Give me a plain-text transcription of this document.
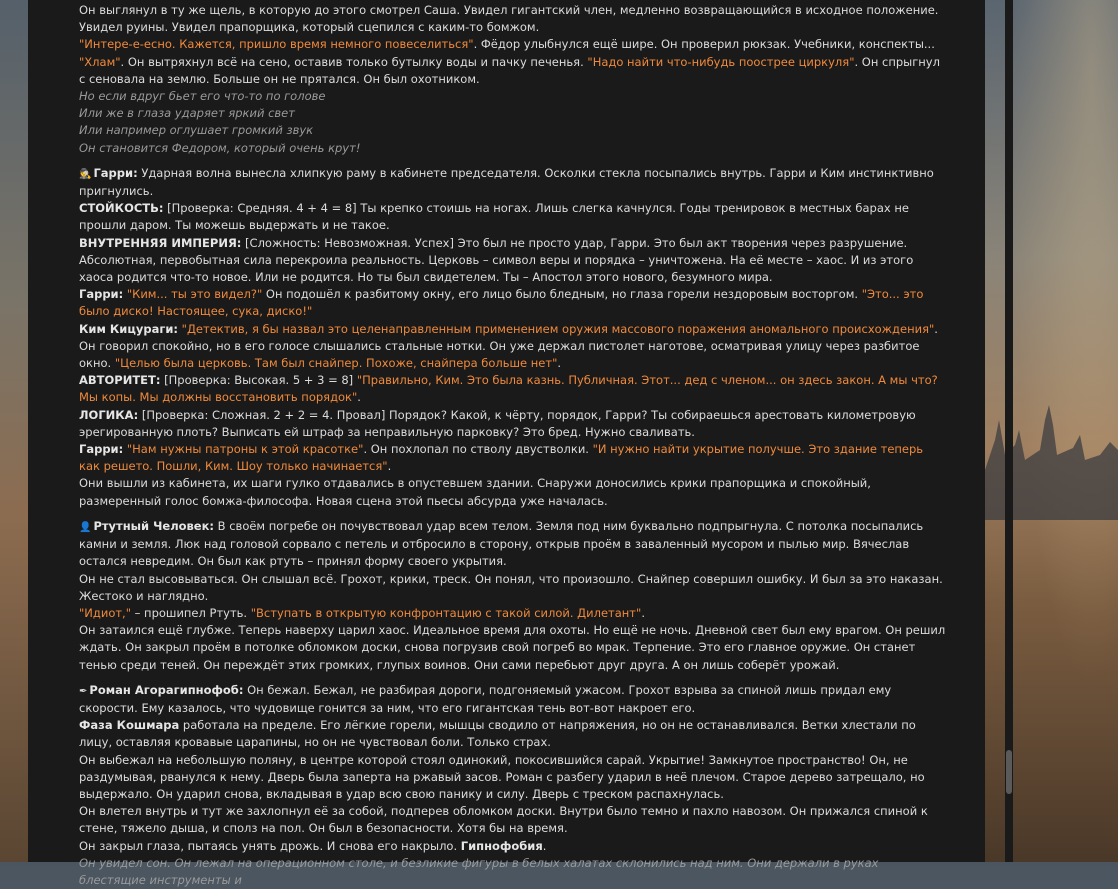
Он выглянул в ту же щель, в которую до этого смотрел Саша. Увидел гигантский член, медленно возвращающийся в исходное положение. Увидел руины. Увидел прапорщика, который сцепился с каким-то бомжом.

"Интере-е-есно. Кажется, пришло время немного повеселиться". Фёдор улыбнулся ещё шире. Он проверил рюкзак. Учебники, конспекты... "Хлам". Он вытряхнул всё на сено, оставив только бутылку воды и пачку печенья. "Надо найти что-нибудь поострее циркуля". Он спрыгнул с сеновала на землю. Больше он не прятался. Он был охотником.

Но если вдруг бьет его что-то по голове

Или же в глаза ударяет яркий свет

Или например оглушает громкий звук

Он становится Федором, который очень крут!

🕵 Гарри: Ударная волна вынесла хлипкую раму в кабинете председателя. Осколки стекла посыпались внутрь. Гарри и Ким инстинктивно пригнулись.

СТОЙКОСТЬ: [Проверка: Средняя. 4 + 4 = 8] Ты крепко стоишь на ногах. Лишь слегка качнулся. Годы тренировок в местных барах не прошли даром. Ты можешь выдержать и не такое.

ВНУТРЕННЯЯ ИМПЕРИЯ: [Сложность: Невозможная. Успех] Это был не просто удар, Гарри. Это был акт творения через разрушение. Абсолютная, первобытная сила перекроила реальность. Церковь – символ веры и порядка – уничтожена. На её месте – хаос. И из этого хаоса родится что-то новое. Или не родится. Но ты был свидетелем. Ты – Апостол этого нового, безумного мира.

Гарри: "Ким... ты это видел?" Он подошёл к разбитому окну, его лицо было бледным, но глаза горели нездоровым восторгом. "Это... это было диско! Настоящее, сука, диско!"

Ким Кицураги: "Детектив, я бы назвал это целенаправленным применением оружия массового поражения аномального происхождения". Он говорил спокойно, но в его голосе слышались стальные нотки. Он уже держал пистолет наготове, осматривая улицу через разбитое окно. "Целью была церковь. Там был снайпер. Похоже, снайпера больше нет".

АВТОРИТЕТ: [Проверка: Высокая. 5 + 3 = 8] "Правильно, Ким. Это была казнь. Публичная. Этот... дед с членом... он здесь закон. А мы что? Мы копы. Мы должны восстановить порядок".

ЛОГИКА: [Проверка: Сложная. 2 + 2 = 4. Провал] Порядок? Какой, к чёрту, порядок, Гарри? Ты собираешься арестовать километровую эрегированную плоть? Выписать ей штраф за неправильную парковку? Это бред. Нужно сваливать.

Гарри: "Нам нужны патроны к этой красотке". Он похлопал по стволу двустволки. "И нужно найти укрытие получше. Это здание теперь как решето. Пошли, Ким. Шоу только начинается".

Они вышли из кабинета, их шаги гулко отдавались в опустевшем здании. Снаружи доносились крики прапорщика и спокойный, размеренный голос бомжа-философа. Новая сцена этой пьесы абсурда уже началась.

👤 Ртутный Человек: В своём погребе он почувствовал удар всем телом. Земля под ним буквально подпрыгнула. С потолка посыпались камни и земля. Люк над головой сорвало с петель и отбросило в сторону, открыв проём в заваленный мусором и пылью мир. Вячеслав остался невредим. Он был как ртуть – принял форму своего укрытия.

Он не стал высовываться. Он слышал всё. Грохот, крики, треск. Он понял, что произошло. Снайпер совершил ошибку. И был за это наказан. Жестоко и наглядно.

"Идиот," – прошипел Ртуть. "Вступать в открытую конфронтацию с такой силой. Дилетант".

Он затаился ещё глубже. Теперь наверху царил хаос. Идеальное время для охоты. Но ещё не ночь. Дневной свет был ему врагом. Он решил ждать. Он закрыл проём в потолке обломком доски, снова погрузив свой погреб во мрак. Терпение. Это его главное оружие. Он станет тенью среди теней. Он переждёт этих громких, глупых воинов. Они сами перебьют друг друга. А он лишь соберёт урожай.

✒ Роман Агорагипнофоб: Он бежал. Бежал, не разбирая дороги, подгоняемый ужасом. Грохот взрыва за спиной лишь придал ему скорости. Ему казалось, что чудовище гонится за ним, что его гигантская тень вот-вот накроет его.

Фаза Кошмара работала на пределе. Его лёгкие горели, мышцы сводило от напряжения, но он не останавливался. Ветки хлестали по лицу, оставляя кровавые царапины, но он не чувствовал боли. Только страх.

Он выбежал на небольшую поляну, в центре которой стоял одинокий, покосившийся сарай. Укрытие! Замкнутое пространство! Он, не раздумывая, рванулся к нему. Дверь была заперта на ржавый засов. Роман с разбегу ударил в неё плечом. Старое дерево затрещало, но выдержало. Он ударил снова, вкладывая в удар всю свою панику и силу. Дверь с треском распахнулась.

Он влетел внутрь и тут же захлопнул её за собой, подперев обломком доски. Внутри было темно и пахло навозом. Он прижался спиной к стене, тяжело дыша, и сполз на пол. Он был в безопасности. Хотя бы на время.

Он закрыл глаза, пытаясь унять дрожь. И снова его накрыло. Гипнофобия.

Он увидел сон. Он лежал на операционном столе, и безликие фигуры в белых халатах склонились над ним. Они держали в руках блестящие инструменты и
